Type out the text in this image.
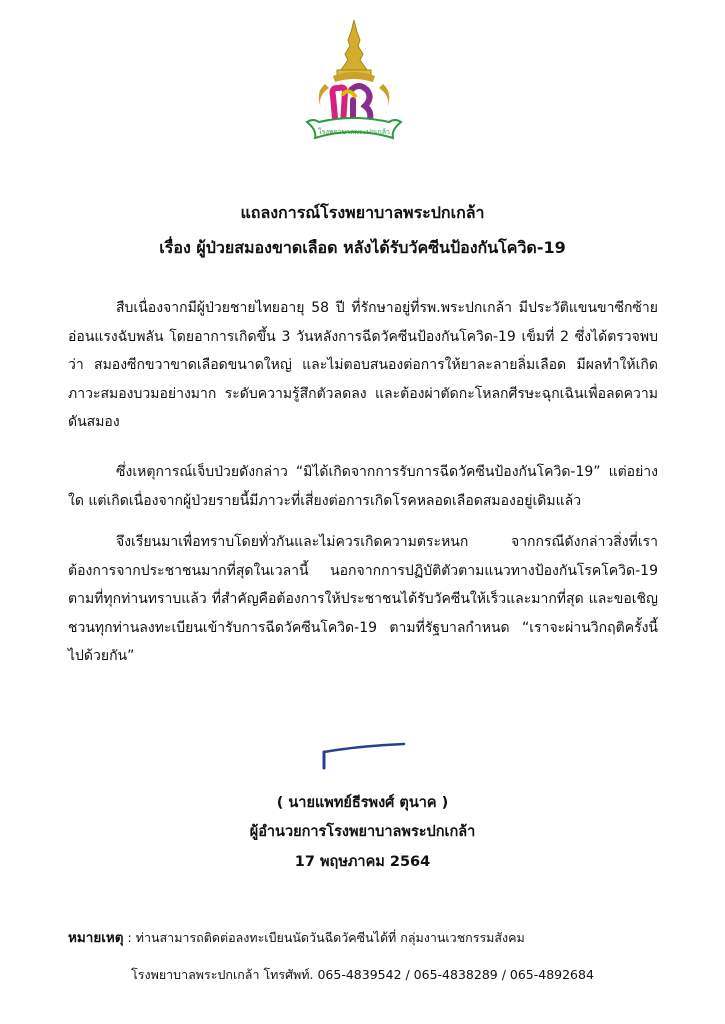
โรงพยาบาลพระปกเกล้า
แถลงการณ์โรงพยาบาลพระปกเกล้า
เรื่อง ผู้ป่วยสมองขาดเลือด หลังได้รับวัคซีนป้องกันโควิด-19
สืบเนื่องจากมีผู้ป่วยชายไทยอายุ 58 ปี ที่รักษาอยู่ที่รพ.พระปกเกล้า มีประวัติแขนขาซีกซ้ายอ่อนแรงฉับพลัน โดยอาการเกิดขึ้น 3 วันหลังการฉีดวัคซีนป้องกันโควิด-19 เข็มที่ 2 ซึ่งได้ตรวจพบว่า สมองซีกขวาขาดเลือดขนาดใหญ่ และไม่ตอบสนองต่อการให้ยาละลายลิ่มเลือด มีผลทำให้เกิดภาวะสมองบวมอย่างมาก ระดับความรู้สึกตัวลดลง และต้องผ่าตัดกะโหลกศีรษะฉุกเฉินเพื่อลดความดันสมอง
ซึ่งเหตุการณ์เจ็บป่วยดังกล่าว “มิได้เกิดจากการรับการฉีดวัคซีนป้องกันโควิด-19” แต่อย่างใด แต่เกิดเนื่องจากผู้ป่วยรายนี้มีภาวะที่เสี่ยงต่อการเกิดโรคหลอดเลือดสมองอยู่เดิมแล้ว
จึงเรียนมาเพื่อทราบโดยทั่วกันและไม่ควรเกิดความตระหนก จากกรณีดังกล่าวสิ่งที่เราต้องการจากประชาชนมากที่สุดในเวลานี้ นอกจากการปฏิบัติตัวตามแนวทางป้องกันโรคโควิด-19 ตามที่ทุกท่านทราบแล้ว ที่สำคัญคือต้องการให้ประชาชนได้รับวัคซีนให้เร็วและมากที่สุด และขอเชิญชวนทุกท่านลงทะเบียนเข้ารับการฉีดวัคซีนโควิด-19 ตามที่รัฐบาลกำหนด “เราจะผ่านวิกฤติครั้งนี้ไปด้วยกัน”
( นายแพทย์ธีรพงศ์ ตุนาค )
ผู้อำนวยการโรงพยาบาลพระปกเกล้า
17 พฤษภาคม 2564
หมายเหตุ : ท่านสามารถติดต่อลงทะเบียนนัดวันฉีดวัคซีนได้ที่ กลุ่มงานเวชกรรมสังคม
โรงพยาบาลพระปกเกล้า โทรศัพท์. 065-4839542 / 065-4838289 / 065-4892684
